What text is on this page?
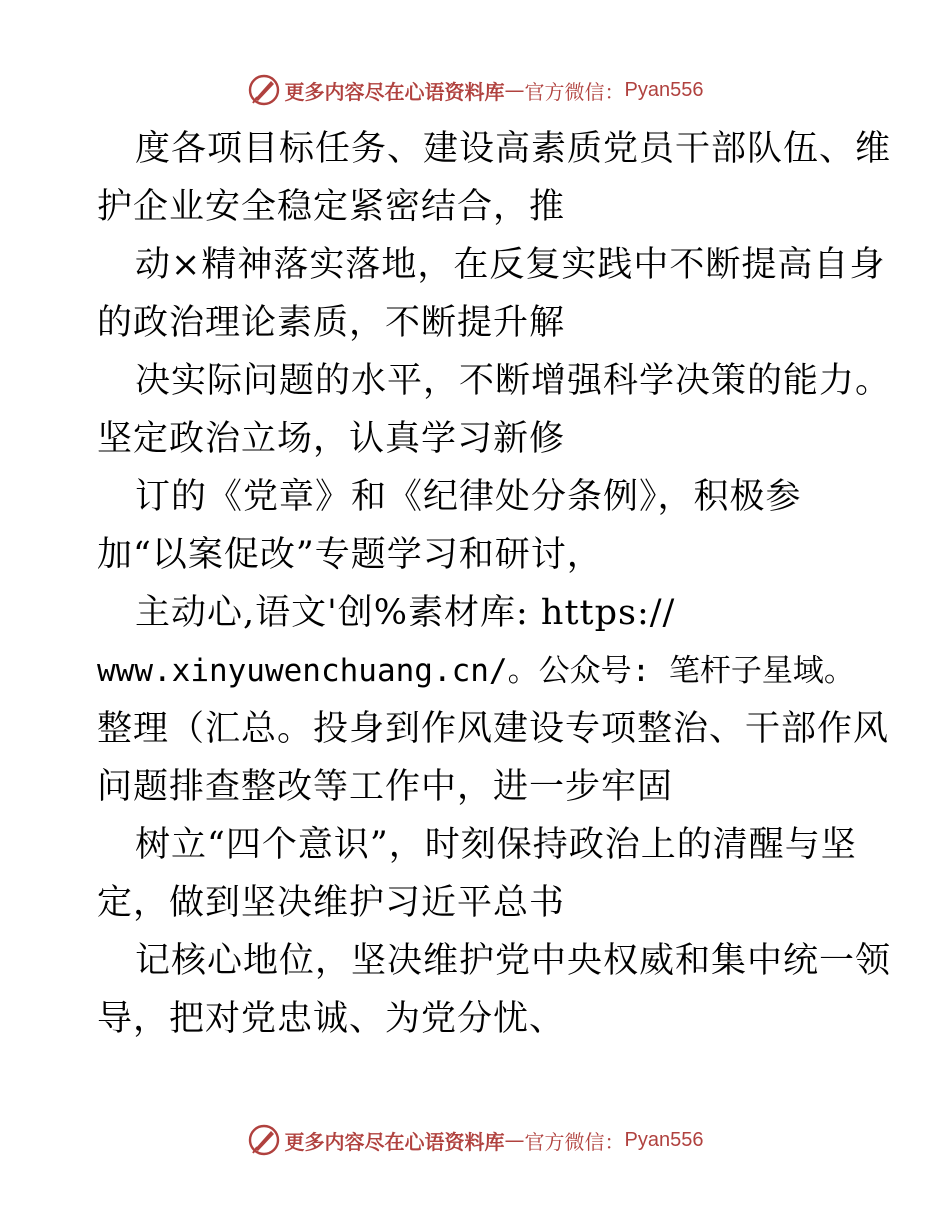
更多内容尽在心语资料库 — 官方微信： Pyan556
度各项目标任务、建设高素质党员干部队伍、维
护企业安全稳定紧密结合，推
动×精神落实落地，在反复实践中不断提高自身
的政治理论素质，不断提升解
决实际问题的水平，不断增强科学决策的能力。
坚定政治立场，认真学习新修
订的《党章》和《纪律处分条例》，积极参
加“以案促改”专题学习和研讨，
主动心,语文'创%素材库: https://
www.xinyuwenchuang.cn/。公众号: 笔杆子星域。
整理（汇总。投身到作风建设专项整治、干部作风
问题排查整改等工作中，进一步牢固
树立“四个意识”，时刻保持政治上的清醒与坚
定，做到坚决维护习近平总书
记核心地位，坚决维护党中央权威和集中统一领
导，把对党忠诚、为党分忧、
更多内容尽在心语资料库 — 官方微信： Pyan556
